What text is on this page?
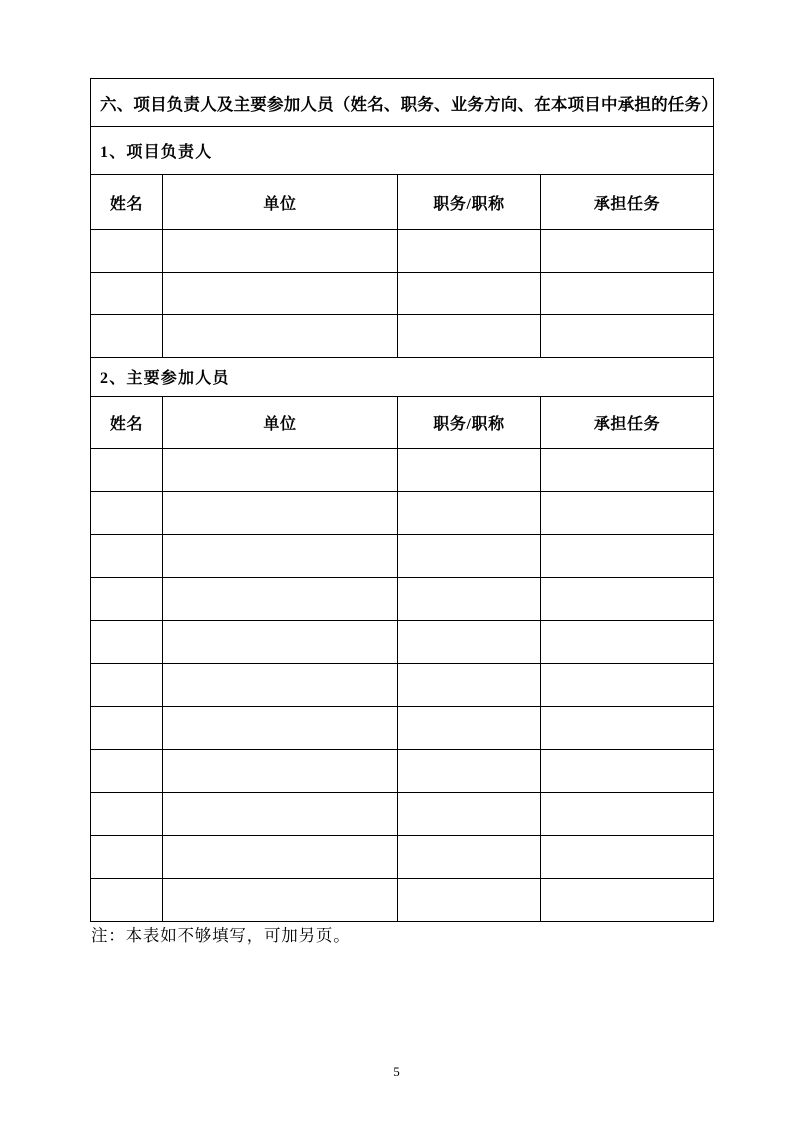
六、项目负责人及主要参加人员（姓名、职务、业务方向、在本项目中承担的任务）			
1、项目负责人			
姓名	单位	职务/职称	承担任务

2、主要参加人员			
姓名	单位	职务/职称	承担任务

注：本表如不够填写，可加另页。
5
